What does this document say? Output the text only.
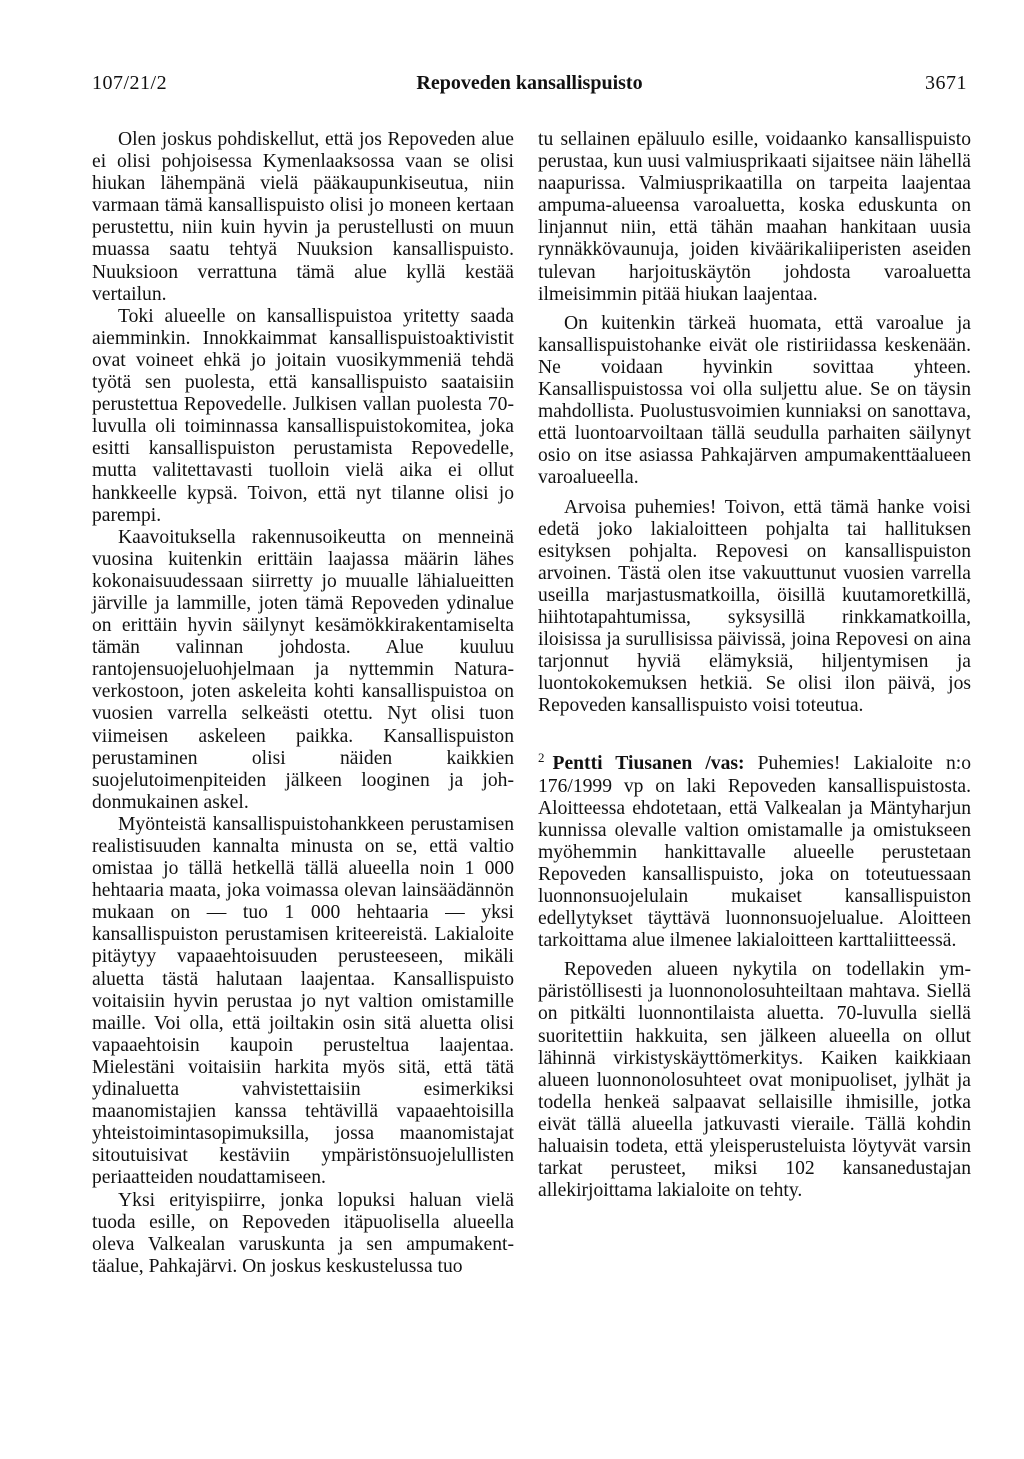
Repoveden kansallispuisto
107/21/2	3671

Olen joskus pohdiskellut, että jos Repoveden alue ei olisi pohjoisessa Kymenlaaksossa vaan se olisi hiukan lähempänä vielä pääkaupunkiseutua, niin varmaan tämä kansallispuisto olisi jo moneen kertaan perustettu, niin kuin hyvin ja perustellusti on muun muassa saatu tehtyä Nuuksion kansallispuisto. Nuuksioon verrattuna tämä alue kyllä kestää vertailun.

Toki alueelle on kansallispuistoa yritetty saada aiemminkin. Innokkaimmat kansallispuistoaktivistit ovat voineet ehkä jo joitain vuosikymmeniä tehdä työtä sen puolesta, että kansallispuisto saataisiin perustettua Repovedelle. Julkisen vallan puolesta 70-luvulla oli toiminnassa kansallispuistokomitea, joka esitti kansallispuiston perustamista Repovedelle, mutta valitettavasti tuolloin vielä aika ei ollut hankkeelle kypsä. Toivon, että nyt tilanne olisi jo parempi.

Kaavoituksella rakennusoikeutta on menneinä vuosina kuitenkin erittäin laajassa määrin lähes kokonaisuudessaan siirretty jo muualle lähialueitten järville ja lammille, joten tämä Repoveden ydinalue on erittäin hyvin säilynyt kesämökkirakentamiselta tämän valinnan johdosta. Alue kuuluu rantojensuojeluohjelmaan ja nyttemmin Natura-verkostoon, joten askeleita kohti kansallispuistoa on vuosien varrella selkeästi otettu. Nyt olisi tuon viimeisen askeleen paikka. Kansallispuiston perustaminen olisi näiden kaikkien suojelutoimenpiteiden jälkeen looginen ja johdonmukainen askel.

Myönteistä kansallispuistohankkeen perustamisen realistisuuden kannalta minusta on se, että valtio omistaa jo tällä hetkellä tällä alueella noin 1 000 hehtaaria maata, joka voimassa olevan lainsäädännön mukaan on — tuo 1 000 hehtaaria — yksi kansallispuiston perustamisen kriteereistä. Lakialoite pitäytyy vapaaehtoisuuden perusteeseen, mikäli aluetta tästä halutaan laajentaa. Kansallispuisto voitaisiin hyvin perustaa jo nyt valtion omistamille maille. Voi olla, että joiltakin osin sitä aluetta olisi vapaaehtoisin kaupoin perusteltua laajentaa. Mielestäni voitaisiin harkita myös sitä, että tätä ydinaluetta vahvistettaisiin esimerkiksi maanomistajien kanssa tehtävillä vapaaehtoisilla yhteistoimintasopimuksilla, jossa maanomistajat sitoutuisivat kestäviin ympäristönsuojelullisten periaatteiden noudattamiseen.

Yksi erityispiirre, jonka lopuksi haluan vielä tuoda esille, on Repoveden itäpuolisella alueella oleva Valkealan varuskunta ja sen ampumakenttäalue, Pahkajärvi. On joskus keskustelussa tuo

tu sellainen epäluulo esille, voidaanko kansallispuisto perustaa, kun uusi valmiusprikaati sijaitsee näin lähellä naapurissa. Valmiusprikaatilla on tarpeita laajentaa ampuma-alueensa varoaluetta, koska eduskunta on linjannut niin, että tähän maahan hankitaan uusia rynnäkkövaunuja, joiden kiväärikaliiperisten aseiden tulevan harjoituskäytön johdosta varoaluetta ilmeisimmin pitää hiukan laajentaa.

On kuitenkin tärkeä huomata, että varoalue ja kansallispuistohanke eivät ole ristiriidassa keskenään. Ne voidaan hyvinkin sovittaa yhteen. Kansallispuistossa voi olla suljettu alue. Se on täysin mahdollista. Puolustusvoimien kunniaksi on sanottava, että luontoarvoiltaan tällä seudulla parhaiten säilynyt osio on itse asiassa Pahkajärven ampumakenttäalueen varoalueella.

Arvoisa puhemies! Toivon, että tämä hanke voisi edetä joko lakialoitteen pohjalta tai hallituksen esityksen pohjalta. Repovesi on kansallispuiston arvoinen. Tästä olen itse vakuuttunut vuosien varrella useilla marjastusmatkoilla, öisillä kuutamoretkillä, hiihtotapahtumissa, syksysillä rinkkamatkoilla, iloisissa ja surullisissa päivissä, joina Repovesi on aina tarjonnut hyviä elämyksiä, hiljentymisen ja luontokokemuksen hetkiä. Se olisi ilon päivä, jos Repoveden kansallispuisto voisi toteutua.

$^2$ Pentti Tiusanen /vas: Puhemies! Lakialoite n:o 176/1999 vp on laki Repoveden kansallispuistosta. Aloitteessa ehdotetaan, että Valkealan ja Mäntyharjun kunnissa olevalle valtion omistamalle ja omistukseen myöhemmin hankittavalle alueelle perustetaan Repoveden kansallispuisto, joka on toteutuessaan luonnonsuojelulain mukaiset kansallispuiston edellytykset täyttävä luonnonsuojelualue. Aloitteen tarkoittama alue ilmenee lakialoitteen karttaliitteessä.

Repoveden alueen nykytila on todellakin ympäristöllisesti ja luonnonolosuhteiltaan mahtava. Siellä on pitkälti luonnontilaista aluetta. 70-luvulla siellä suoritettiin hakkuita, sen jälkeen alueella on ollut lähinnä virkistyskäyttömerkitys. Kaiken kaikkiaan alueen luonnonolosuhteet ovat monipuoliset, jylhät ja todella henkeä salpaavat sellaisille ihmisille, jotka eivät tällä alueella jatkuvasti vieraile. Tällä kohdin haluaisin todeta, että yleisperusteluista löytyvät varsin tarkat perusteet, miksi 102 kansanedustajan allekirjoittama lakialoite on tehty.
